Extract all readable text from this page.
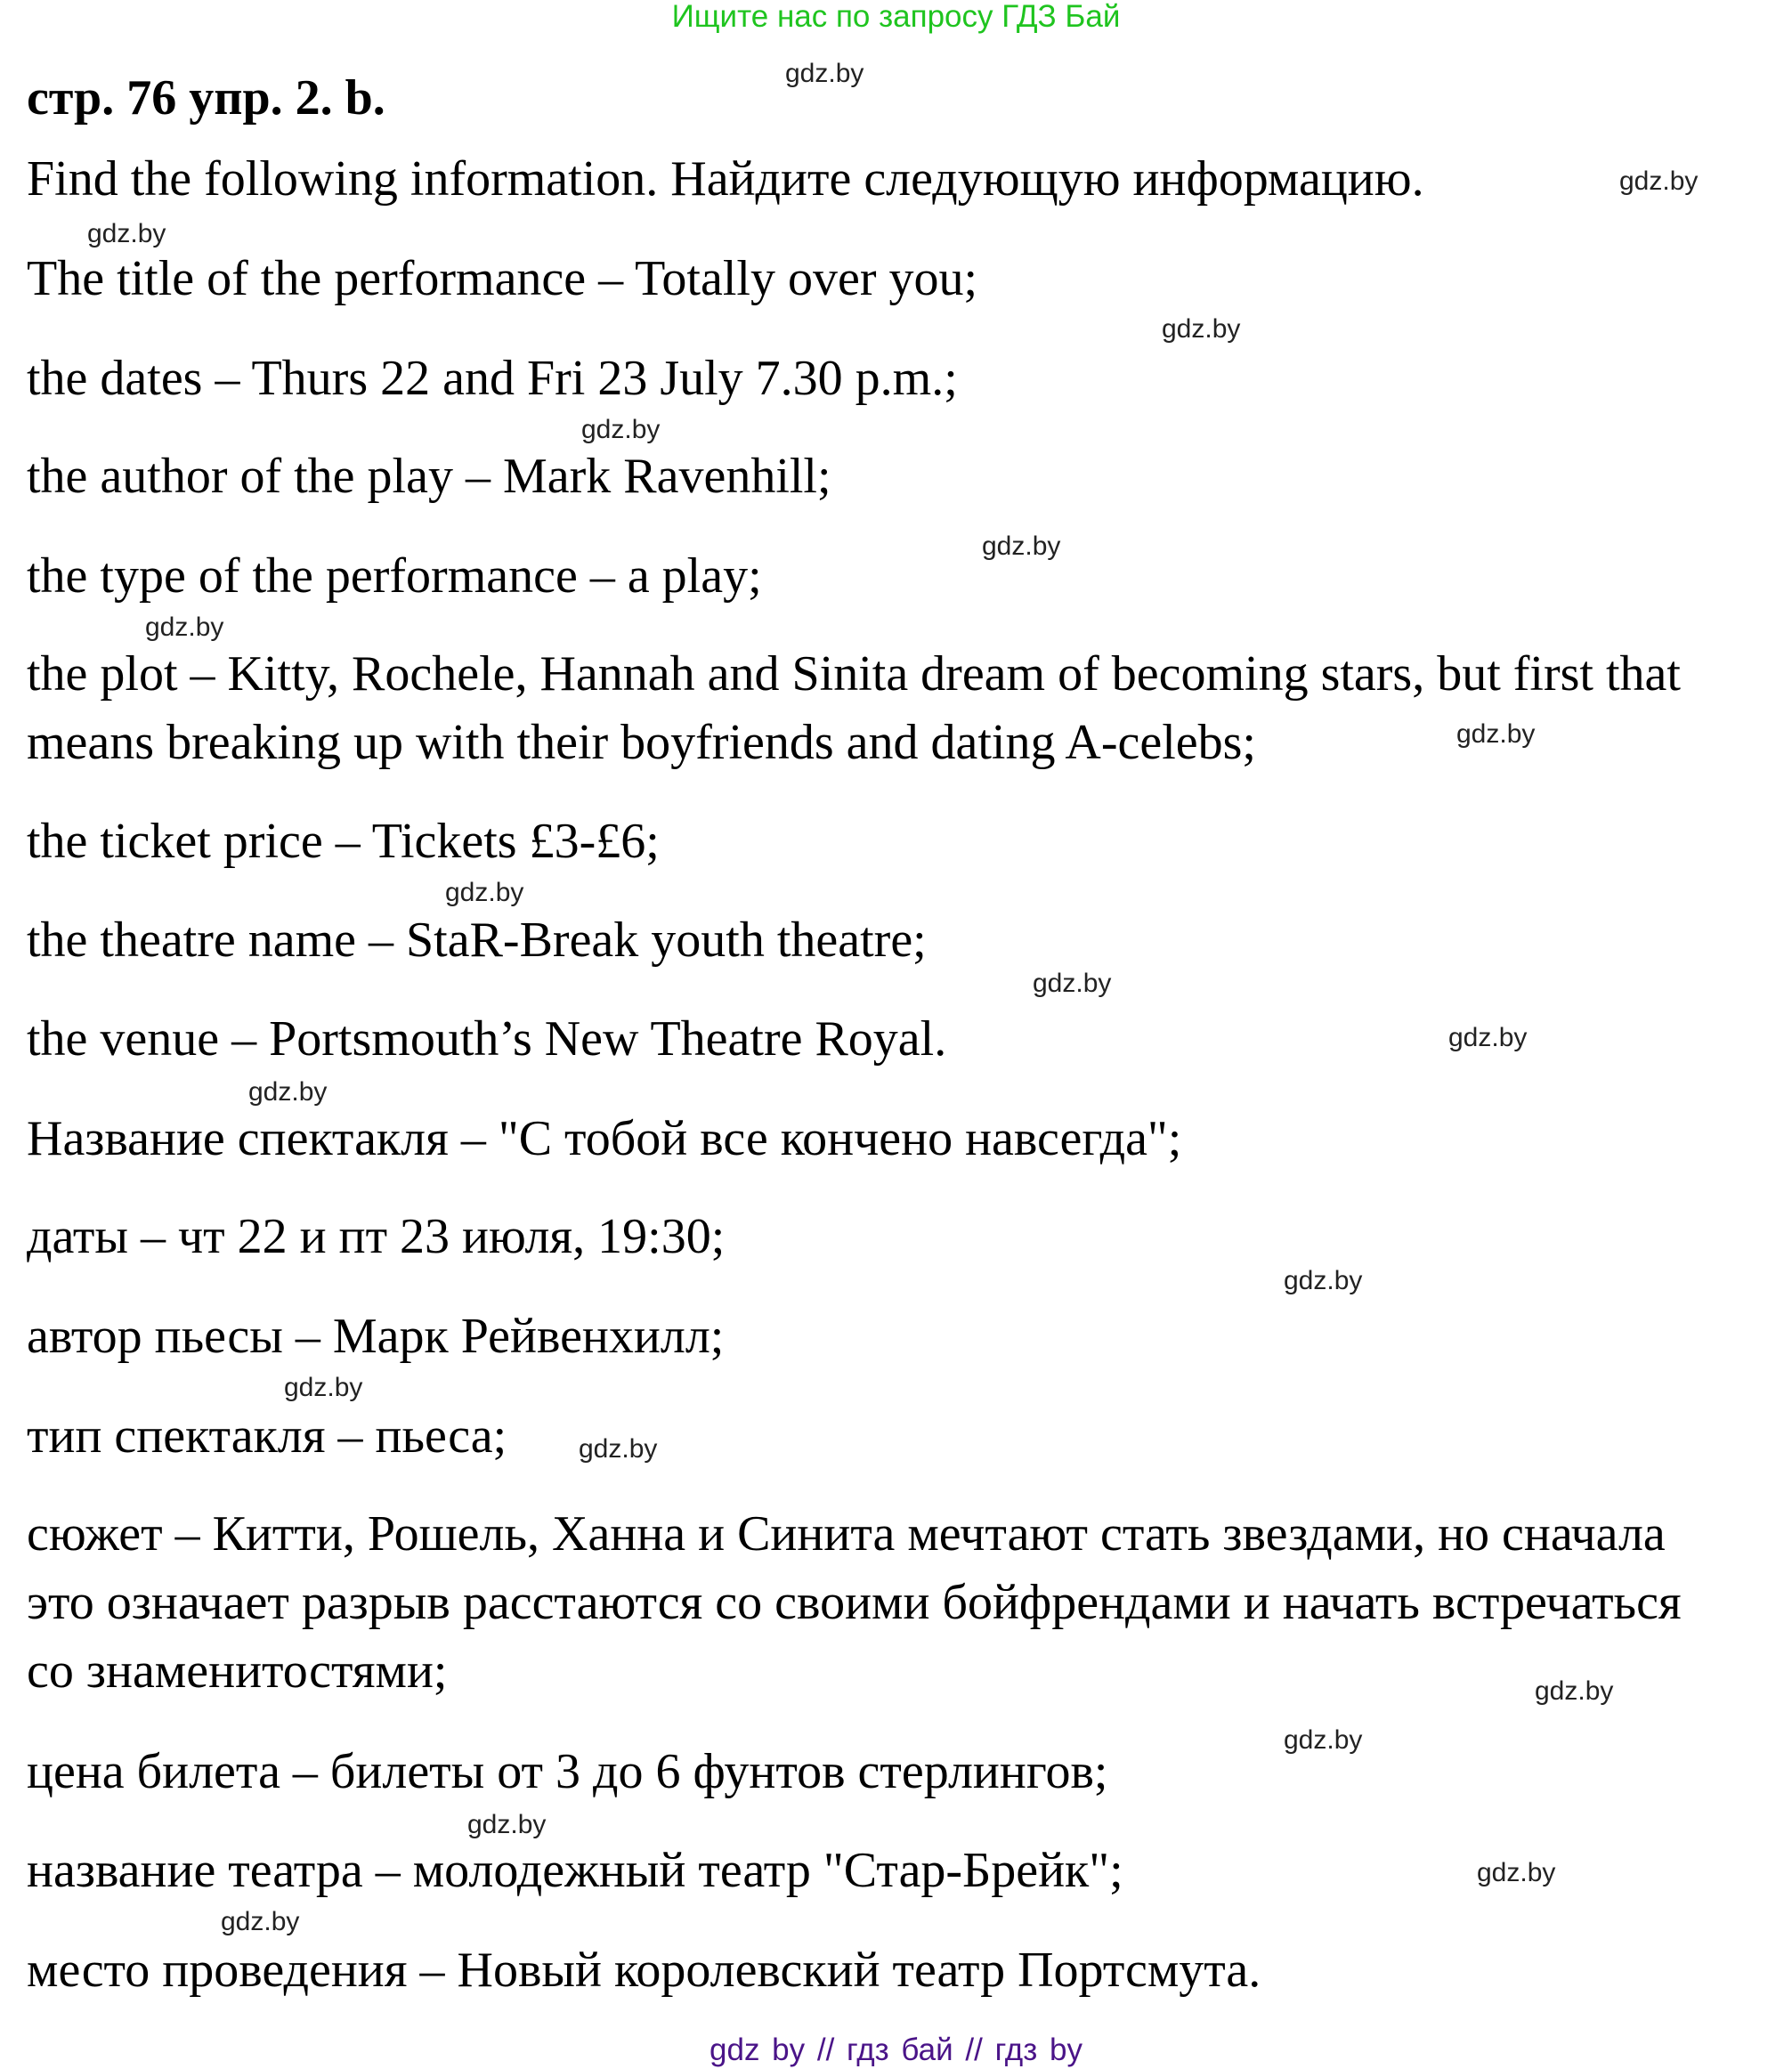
Ищите нас по запросу ГДЗ Бай
стр. 76 упр. 2. b.
Find the following information. Найдите следующую информацию.
The title of the performance – Totally over you;
the dates – Thurs 22 and Fri 23 July 7.30 p.m.;
the author of the play – Mark Ravenhill;
the type of the performance – a play;
the plot – Kitty, Rochele, Hannah and Sinita dream of becoming stars, but first that
means breaking up with their boyfriends and dating A-celebs;
the ticket price – Tickets £3-£6;
the theatre name – StaR-Break youth theatre;
the venue – Portsmouth’s New Theatre Royal.
Название спектакля – "С тобой все кончено навсегда";
даты – чт 22 и пт 23 июля, 19:30;
автор пьесы – Марк Рейвенхилл;
тип спектакля – пьеса;
сюжет – Китти, Рошель, Ханна и Синита мечтают стать звездами, но сначала
это означает разрыв расстаются со своими бойфрендами и начать встречаться
со знаменитостями;
цена билета – билеты от 3 до 6 фунтов стерлингов;
название театра – молодежный театр "Стар-Брейк";
место проведения – Новый королевский театр Портсмута.
gdz.by
gdz.by
gdz.by
gdz.by
gdz.by
gdz.by
gdz.by
gdz.by
gdz.by
gdz.by
gdz.by
gdz.by
gdz.by
gdz.by
gdz.by
gdz.by
gdz.by
gdz.by
gdz.by
gdz.by
gdz by // гдз бай // гдз by
